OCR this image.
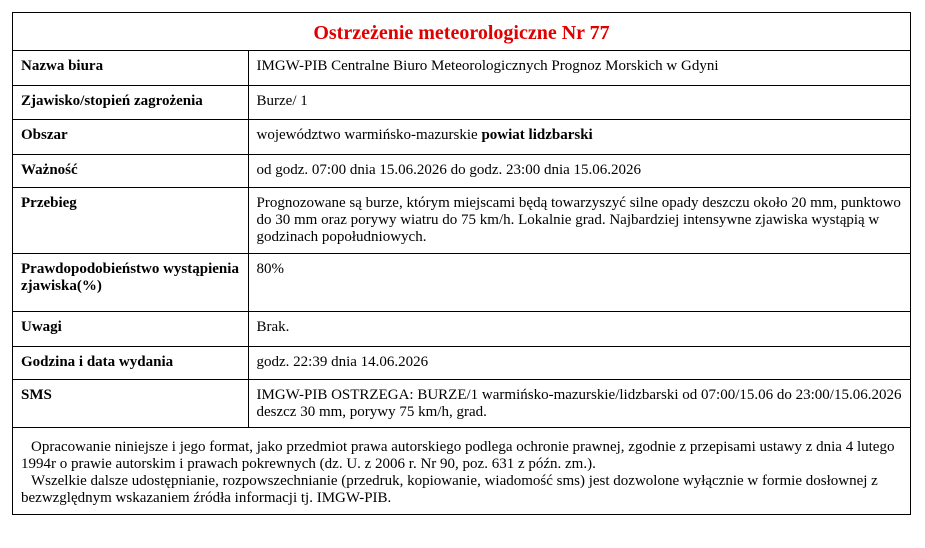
Ostrzeżenie meteorologiczne Nr 77
Nazwa biura	IMGW-PIB Centralne Biuro Meteorologicznych Prognoz Morskich w Gdyni
Zjawisko/stopień zagrożenia	Burze/ 1
Obszar	województwo warmińsko-mazurskie powiat lidzbarski
Ważność	od godz. 07:00 dnia 15.06.2026 do godz. 23:00 dnia 15.06.2026
Przebieg	Prognozowane są burze, którym miejscami będą towarzyszyć silne opady deszczu około 20 mm, punktowo do 30 mm oraz porywy wiatru do 75 km/h. Lokalnie grad. Najbardziej intensywne zjawiska wystąpią w godzinach popołudniowych.
Prawdopodobieństwo wystąpienia zjawiska(%)	80%
Uwagi	Brak.
Godzina i data wydania	godz. 22:39 dnia 14.06.2026
SMS	IMGW-PIB OSTRZEGA: BURZE/1 warmińsko-mazurskie/lidzbarski od 07:00/15.06 do 23:00/15.06.2026 deszcz 30 mm, porywy 75 km/h, grad.

Opracowanie niniejsze i jego format, jako przedmiot prawa autorskiego podlega ochronie prawnej, zgodnie z przepisami ustawy z dnia 4 lutego 1994r o prawie autorskim i prawach pokrewnych (dz. U. z 2006 r. Nr 90, poz. 631 z późn. zm.).

Wszelkie dalsze udostępnianie, rozpowszechnianie (przedruk, kopiowanie, wiadomość sms) jest dozwolone wyłącznie w formie dosłownej z bezwzględnym wskazaniem źródła informacji tj. IMGW-PIB.
